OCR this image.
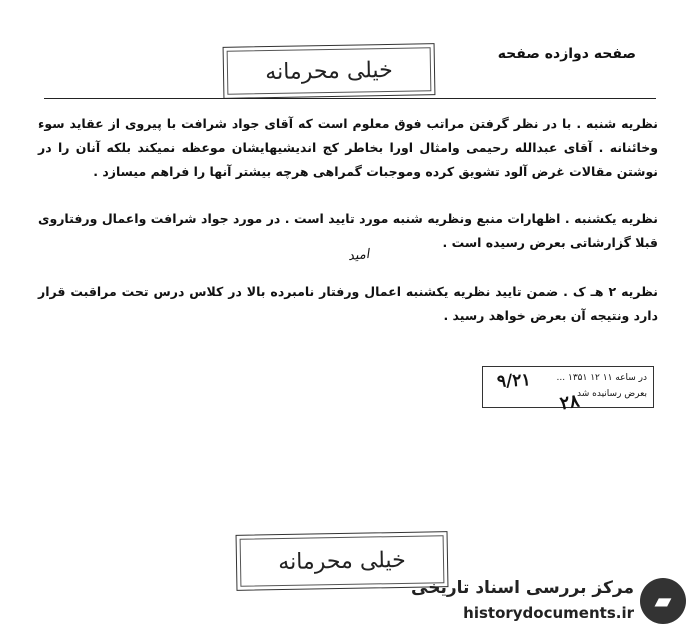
خیلی محرمانه
صفحه دوازده صفحه
نظریه شنبه . با در نظر گرفتن مراتب فوق معلوم است که آقای جواد شرافت با پیروی از عقاید سوء وخائنانه . آقای عبدالله رحیمی وامثال اورا بخاطر کج اندیشیهایشان موعظه نمیکند بلکه آنان را در نوشتن مقالات غرض آلود تشویق کرده وموجبات گمراهی هرچه بیشتر آنها را فراهم میسازد .
نظریه یکشنبه . اظهارات منبع ونظریه شنبه مورد تایید است . در مورد جواد شرافت واعمال ورفتاروی قبلا گزارشاتی بعرض رسیده است .
امید
نظریه ۲ هـ ک . ضمن تایید نظریه یکشنبه اعمال ورفتار نامبرده بالا در کلاس درس تحت مراقبت قرار دارد ونتیجه آن بعرض خواهد رسید .
در ساعه ۱۱ ۱۲ ۱۳۵۱ ...
بعرض رسانیده شد
۹/۲۱
۲۸
خیلی محرمانه
▰
مرکز بررسی اسناد تاریخی
historydocuments.ir
